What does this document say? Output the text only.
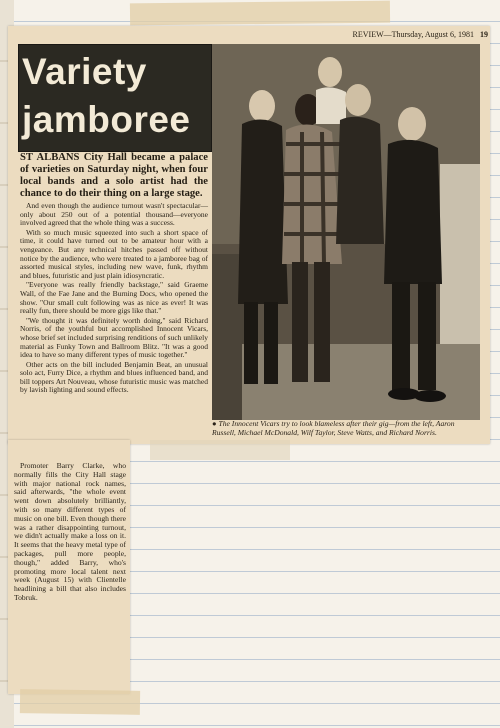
REVIEW—Thursday, August 6, 1981 19
Variety
jamboree
● The Innocent Vicars try to look blameless after their gig—from the left, Aaron Russell, Michael McDonald, Wilf Taylor, Steve Watts, and Richard Norris.

ST ALBANS City Hall became a palace of varieties on Saturday night, when four local bands and a solo artist had the chance to do their thing on a large stage.

And even though the audience turnout wasn't spectacular—only about 250 out of a potential thousand—everyone involved agreed that the whole thing was a success.

With so much music squeezed into such a short space of time, it could have turned out to be amateur hour with a vengeance. But any technical hitches passed off without notice by the audience, who were treated to a jamboree bag of assorted musical styles, including new wave, funk, rhythm and blues, futuristic and just plain idiosyncratic.

"Everyone was really friendly backstage," said Graeme Wall, of the Fae Jane and the Burning Docs, who opened the show. "Our small cult following was as nice as ever! It was really fun, there should be more gigs like that."

"We thought it was definitely worth doing," said Richard Norris, of the youthful but accomplished Innocent Vicars, whose brief set included surprising renditions of such unlikely material as Funky Town and Ballroom Blitz. "It was a good idea to have so many different types of music together."

Other acts on the bill included Benjamin Beat, an unusual solo act, Furry Dice, a rhythm and blues influenced band, and bill toppers Art Nouveau, whose futuristic music was matched by lavish lighting and sound effects.

Promoter Barry Clarke, who normally fills the City Hall stage with major national rock names, said afterwards, "the whole event went down absolutely brilliantly, with so many different types of music on one bill. Even though there was a rather disappointing turnout, we didn't actually make a loss on it. It seems that the heavy metal type of packages, pull more people, though," added Barry, who's promoting more local talent next week (August 15) with Clientelle headlining a bill that also includes Tobruk.
